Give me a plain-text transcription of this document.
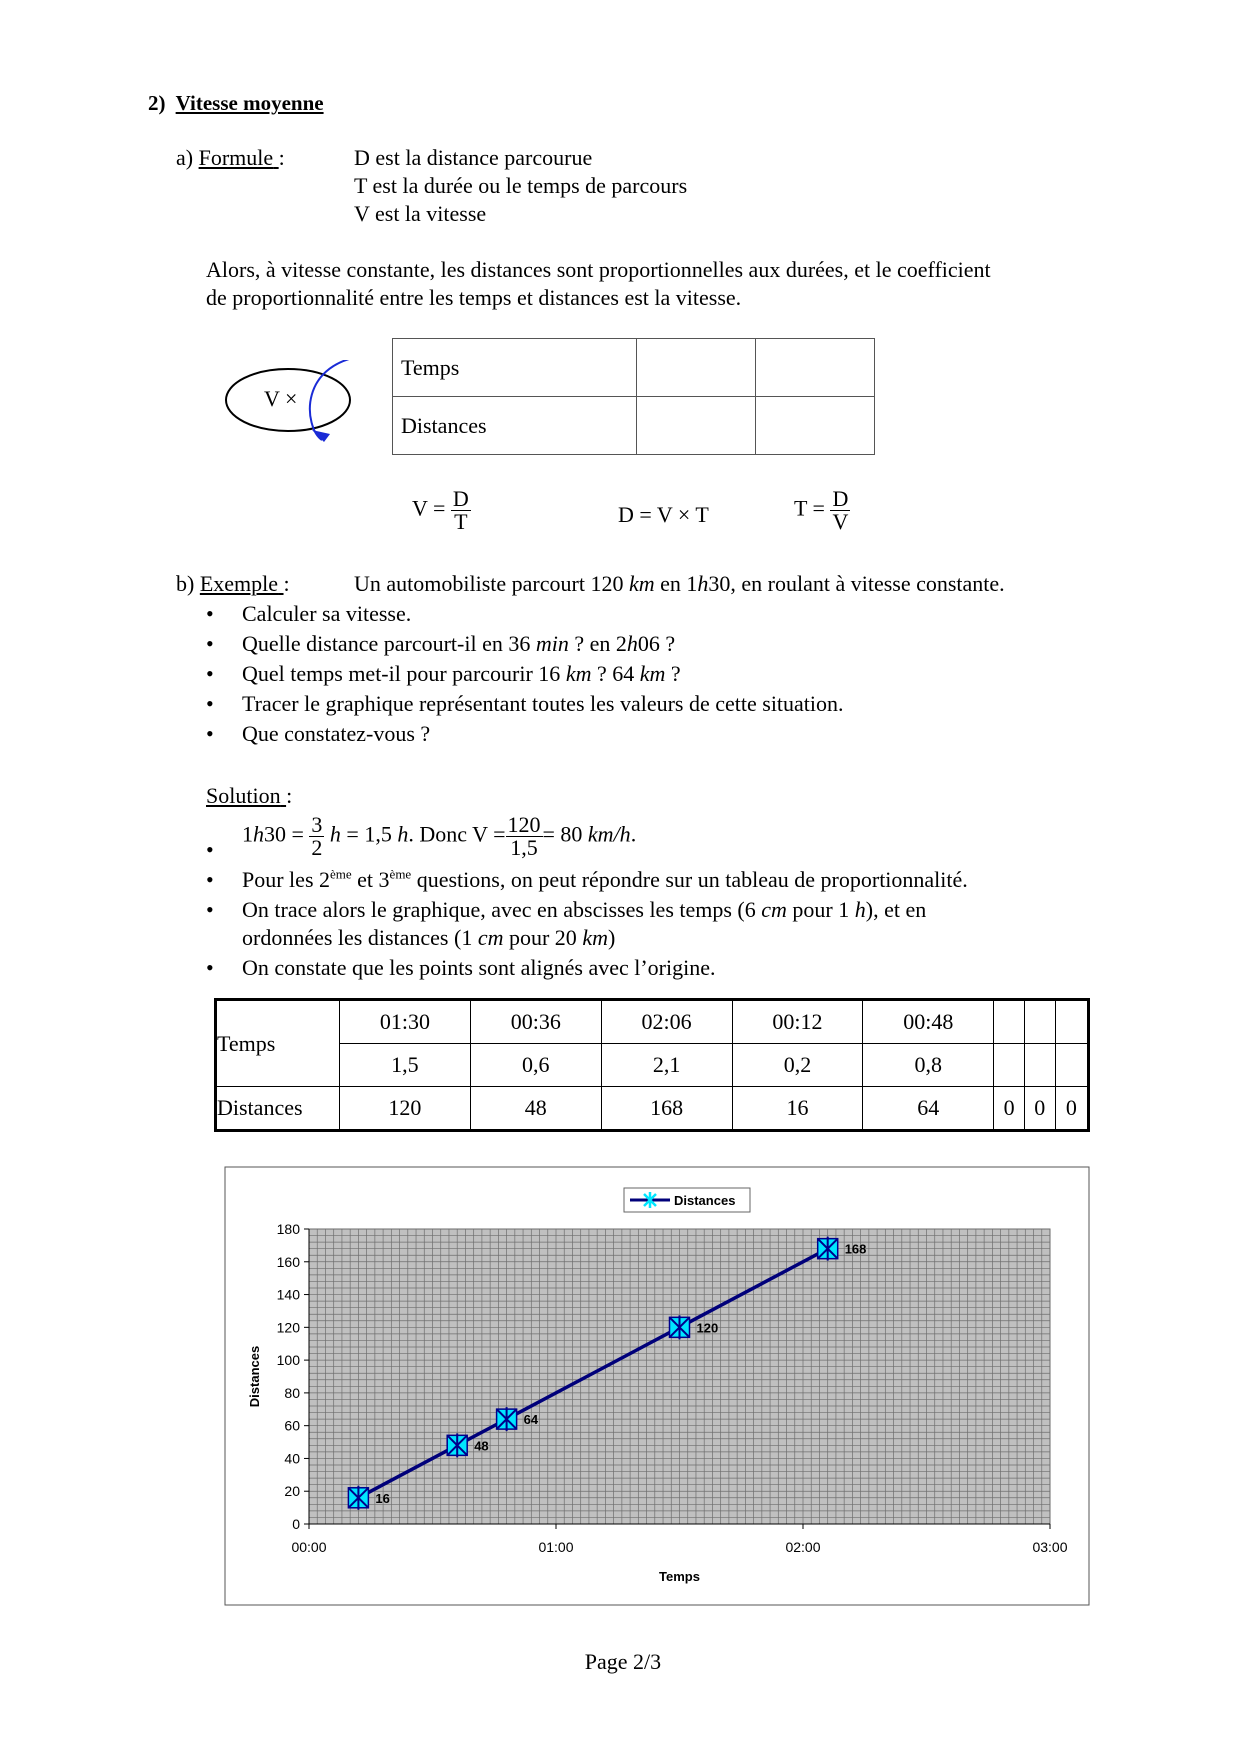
2) Vitesse moyenne
a) Formule :	D est la distance parcourue
T est la durée ou le temps de parcours
V est la vitesse
Alors, à vitesse constante, les distances sont proportionnelles aux durées, et le coefficient
de proportionnalité entre les temps et distances est la vitesse.
V ×
Temps		
Distances		
$V = \frac{D}{T}$	D = V × T	$T = \frac{D}{V}$
b) Exemple :	Un automobiliste parcourt 120 km en 1h30, en roulant à vitesse constante.
• Calculer sa vitesse.
• Quelle distance parcourt-il en 36 min ? en 2h06 ?
• Quel temps met-il pour parcourir 16 km ? 64 km ?
• Tracer le graphique représentant toutes les valeurs de cette situation.
• Que constatez-vous ?
Solution :
•
$1h30 = \frac{3}{2}$ h = 1,5 h. Donc $V = \frac{120}{1,5} = 80$ km/h.
• Pour les 2ème et 3ème questions, on peut répondre sur un tableau de proportionnalité.
• On trace alors le graphique, avec en abscisses les temps (6 cm pour 1 h), et en
ordonnées les distances (1 cm pour 20 km)
• On constate que les points sont alignés avec l’origine.
Temps	01:30	00:36	02:06	00:12	00:48			
	1,5	0,6	2,1	0,2	0,8			
Distances	120	48	168	16	64	0	0	0
0
20
40
60
80
100
120
140
160
180
00:00	01:00	02:00	03:00
Temps
Distances
Distances
16
48
64
120
168
Page 2/3
